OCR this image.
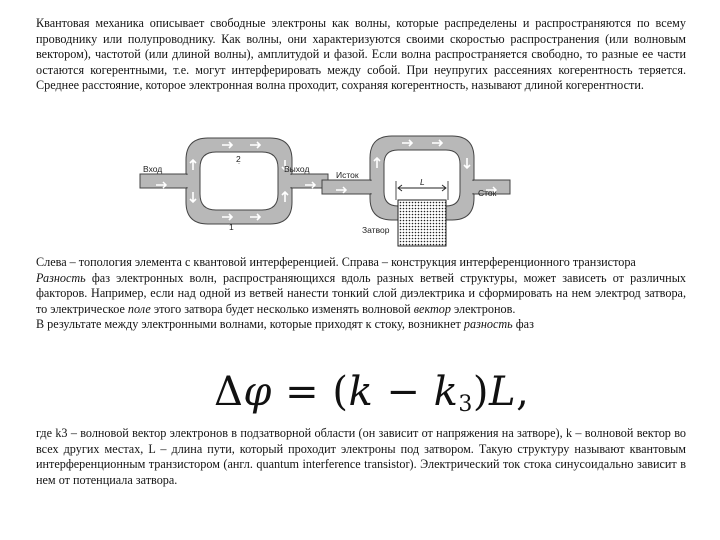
Квантовая механика описывает свободные электроны как волны, которые распределены и распространяются по всему проводнику или полупроводнику. Как волны, они характеризуются своими скоростью распространения (или волновым вектором), частотой (или длиной волны), амплитудой и фазой. Если волна распространяется свободно, то разные ее части остаются когерентными, т.е. могут интерферировать между собой. При неупругих рассеяниях когерентность теряется. Среднее расстояние, которое электронная волна проходит, сохраняя когерентность, называют длиной когерентности.

Вход	Выход
2
1
L
Исток
Сток
Затвор

Слева – топология элемента с квантовой интерференцией. Справа – конструкция интерференционного транзистора
Разность фаз электронных волн, распространяющихся вдоль разных ветвей структуры, может зависеть от различных факторов. Например, если над одной из ветвей нанести тонкий слой диэлектрика и сформировать на нем электрод затвора, то электрическое поле этого затвора будет несколько изменять волновой вектор электронов.
В результате между электронными волнами, которые приходят к стоку, возникнет разность фаз

$\Delta\varphi = (k - k_3)L$,

где k3 – волновой вектор электронов в подзатворной области (он зависит от напряжения на затворе), k – волновой вектор во всех других местах, L – длина пути, который проходит электроны под затвором. Такую структуру называют квантовым интерференционным транзистором (англ. quantum interference transistor). Электрический ток стока синусоидально зависит в нем от потенциала затвора.
